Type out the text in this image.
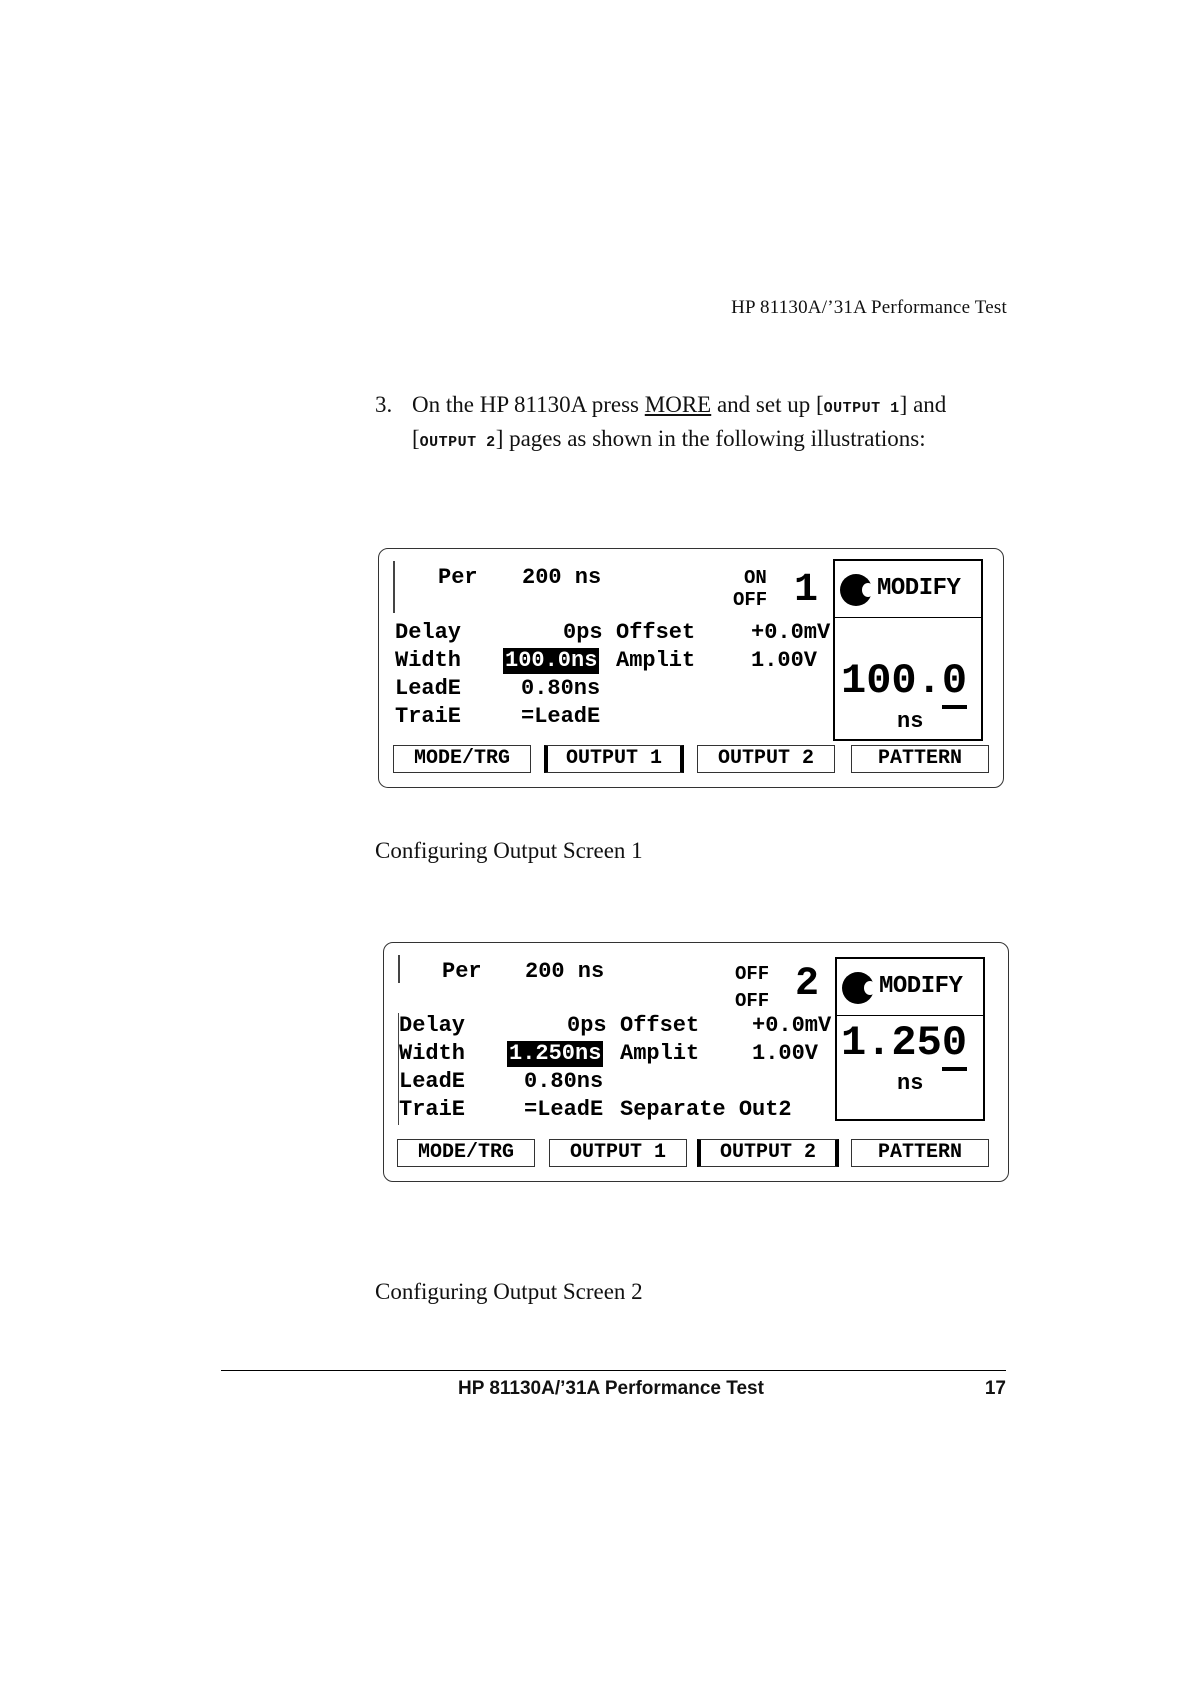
HP 81130A/’31A Performance Test
3. On the HP 81130A press MORE and set up [OUTPUT 1] and
[OUTPUT 2] pages as shown in the following illustrations:
Per 200 ns	ON
OFF 1
Delay	0ps Offset	+0.0mV
Width 100.0ns Amplit	1.00V
LeadE	0.80ns
TraiE	=LeadE
MODIFY
100.0
ns
MODE/TRG	OUTPUT 1	OUTPUT 2	PATTERN
Configuring Output Screen 1
Per 200 ns	OFF
OFF 2
Delay	0ps Offset +0.0mV
Width 1.250ns Amplit 1.00V
LeadE	0.80ns
TraiE	=LeadE Separate Out2
MODIFY
1.250
ns
MODE/TRG	OUTPUT 1	OUTPUT 2	PATTERN
Configuring Output Screen 2
HP 81130A/’31A Performance Test	17
